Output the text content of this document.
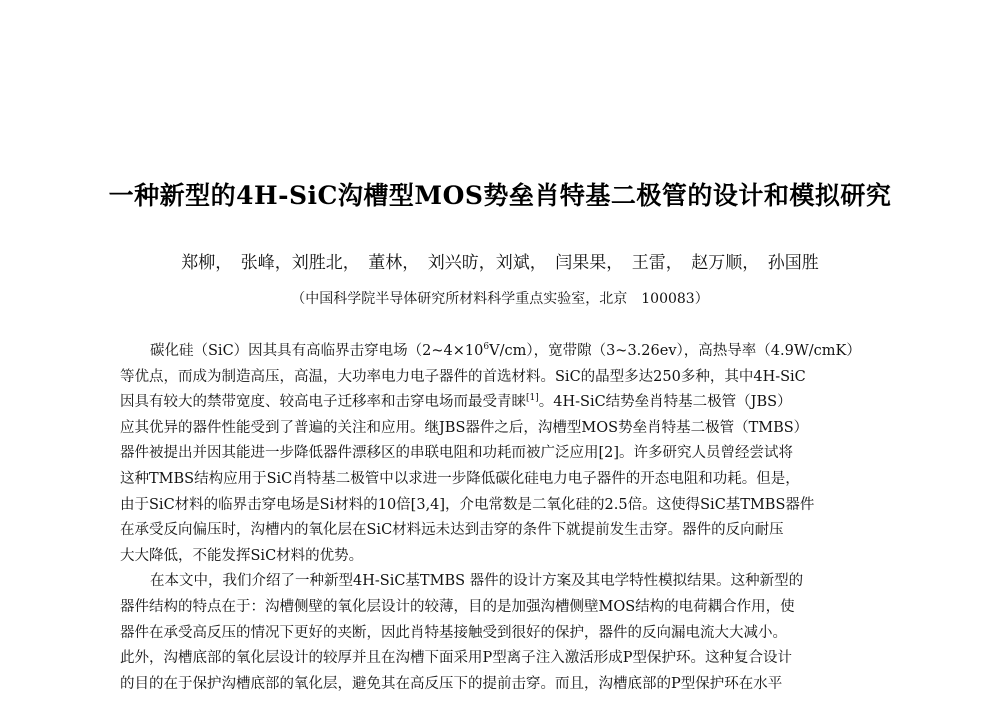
一种新型的4H-SiC沟槽型MOS势垒肖特基二极管的设计和模拟研究
郑柳，　张峰，刘胜北，　董林，　刘兴昉，刘斌，　闫果果，　王雷，　赵万顺，　孙国胜
（中国科学院半导体研究所材料科学重点实验室，北京　100083）
碳化硅（SiC）因其具有高临界击穿电场$(2\sim 4\times 10^6V/cm)$，宽带隙（3~3.26ev），高热导率（4.9W/cmK）
等优点，而成为制造高压，高温，大功率电力电子器件的首选材料。SiC的晶型多达250多种，其中4H-SiC
因具有较大的禁带宽度、较高电子迁移率和击穿电场而最受青睐[1]。4H-SiC结势垒肖特基二极管（JBS）
应其优异的器件性能受到了普遍的关注和应用。继JBS器件之后，沟槽型MOS势垒肖特基二极管（TMBS）
器件被提出并因其能进一步降低器件漂移区的串联电阻和功耗而被广泛应用[2]。许多研究人员曾经尝试将
这种TMBS结构应用于SiC肖特基二极管中以求进一步降低碳化硅电力电子器件的开态电阻和功耗。但是，
由于SiC材料的临界击穿电场是Si材料的10倍[3,4]，介电常数是二氧化硅的2.5倍。这使得SiC基TMBS器件
在承受反向偏压时，沟槽内的氧化层在SiC材料远未达到击穿的条件下就提前发生击穿。器件的反向耐压
大大降低，不能发挥SiC材料的优势。
在本文中，我们介绍了一种新型4H-SiC基TMBS 器件的设计方案及其电学特性模拟结果。这种新型的
器件结构的特点在于：沟槽侧壁的氧化层设计的较薄，目的是加强沟槽侧壁MOS结构的电荷耦合作用，使
器件在承受高反压的情况下更好的夹断，因此肖特基接触受到很好的保护，器件的反向漏电流大大减小。
此外，沟槽底部的氧化层设计的较厚并且在沟槽下面采用P型离子注入激活形成P型保护环。这种复合设计
的目的在于保护沟槽底部的氧化层，避免其在高反压下的提前击穿。而且，沟槽底部的P型保护环在水平
